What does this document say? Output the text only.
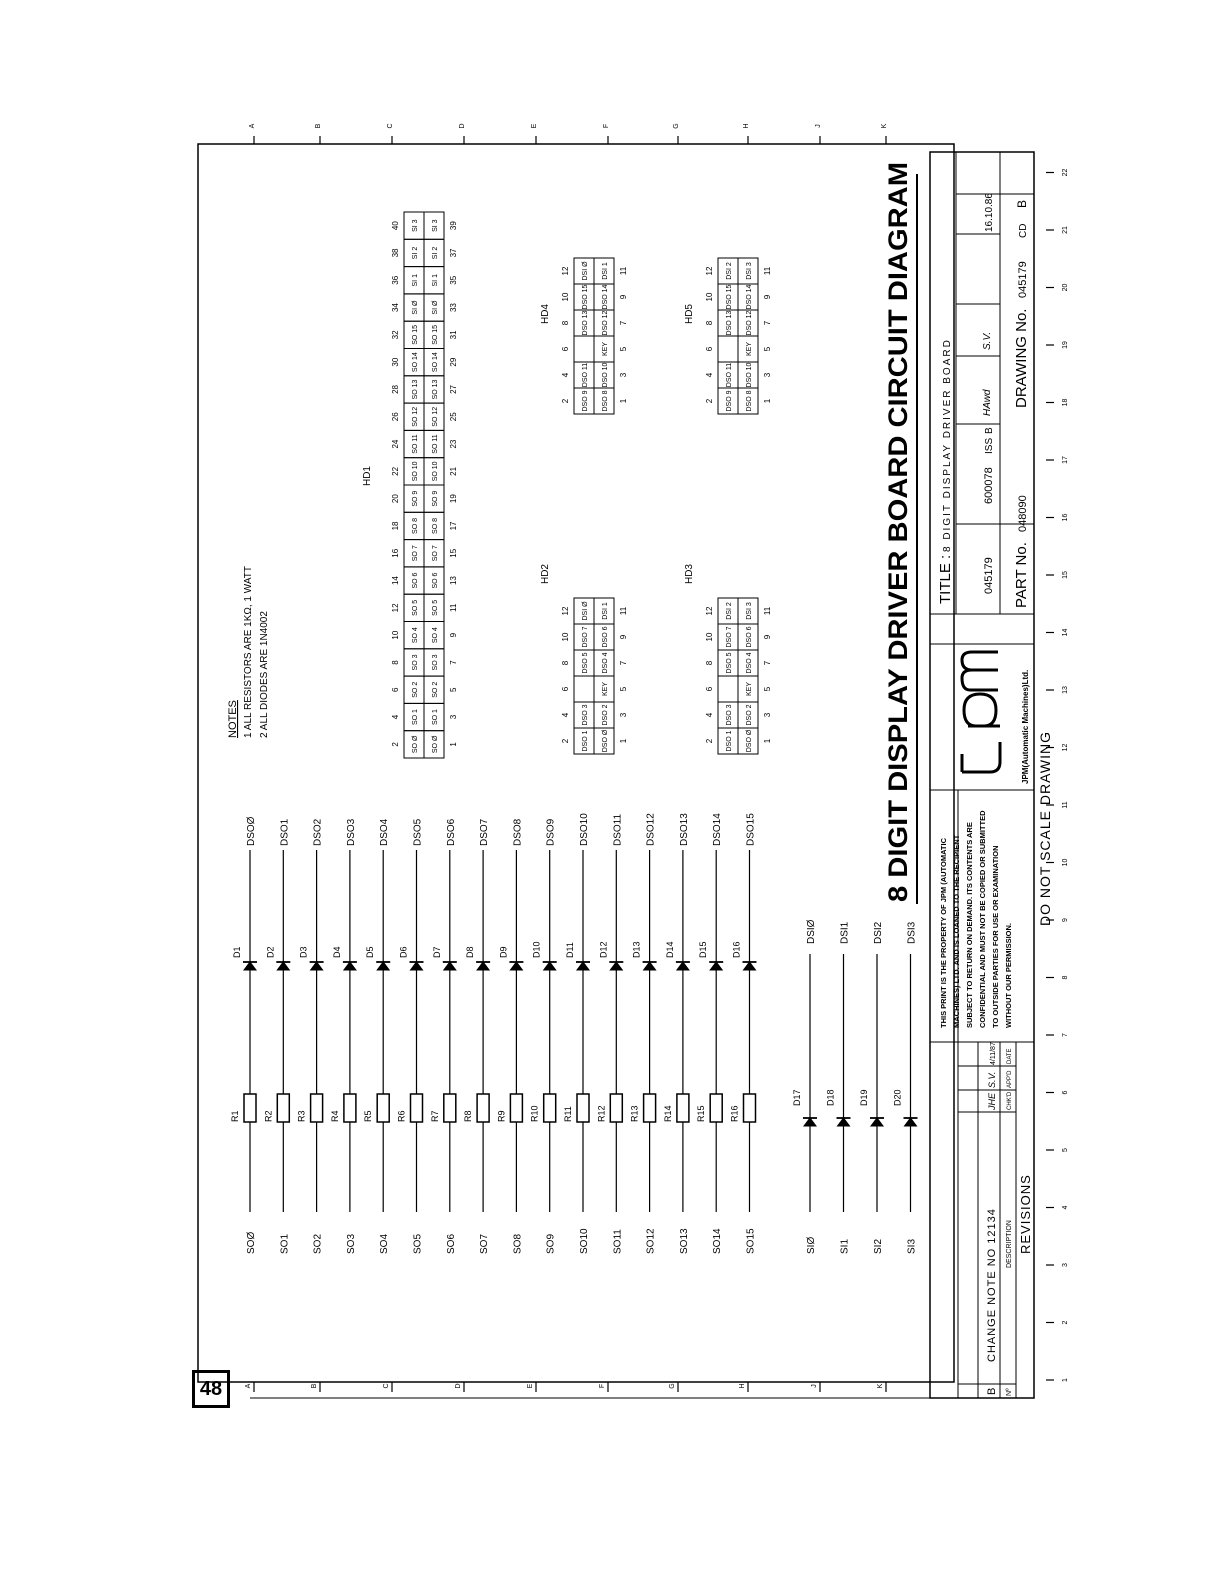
48
A
A
B
B
C
C
D
D
E
E
F
F
G
G
H
H
J
J
K
K
1
2
3
4
5
6
7
8
9
10
11
12
13
14
15
16
17
18
19
20
21
22
SOØ
R1
D1
DSOØ
SO1
R2
D2
DSO1
SO2
R3
D3
DSO2
SO3
R4
D4
DSO3
SO4
R5
D5
DSO4
SO5
R6
D6
DSO5
SO6
R7
D7
DSO6
SO7
R8
D8
DSO7
SO8
R9
D9
DSO8
SO9
R10
D10
DSO9
SO10
R11
D11
DSO10
SO11
R12
D12
DSO11
SO12
R13
D13
DSO12
SO13
R14
D14
DSO13
SO14
R15
D15
DSO14
SO15
R16
D16
DSO15
SIØ
D17
DSIØ
SI1
D18
DSI1
SI2
D19
DSI2
SI3
D20
DSI3
NOTES 1 ALL RESISTORS ARE 1KΩ, 1 WATT 2 ALL DIODES ARE 1N4002
2
4
6
8
10
12
14
16
18
20
22
24
26
28
30
32
34
36
38
40
SO Ø
SO 1
SO 2
SO 3
SO 4
SO 5
SO 6
SO 7
SO 8
SO 9
SO 10
SO 11
SO 12
SO 13
SO 14
SO 15
SI Ø
SI 1
SI 2
SI 3
SO Ø
SO 1
SO 2
SO 3
SO 4
SO 5
SO 6
SO 7
SO 8
SO 9
SO 10
SO 11
SO 12
SO 13
SO 14
SO 15
SI Ø
SI 1
SI 2
SI 3
1
3
5
7
9
11
13
15
17
19
21
23
25
27
29
31
33
35
37
39
HD1
2
4
6
8
10
12
DSO 1
DSO 3
DSO 5
DSO 7
DSI Ø
DSO Ø
DSO 2
KEY
DSO 4
DSO 6
DSI 1
1
3
5
7
9
11
HD2
2
4
6
8
10
12
DSO 1
DSO 3
DSO 5
DSO 7
DSI 2
DSO Ø
DSO 2
KEY
DSO 4
DSO 6
DSI 3
1
3
5
7
9
11
HD3
2
4
6
8
10
12
DSO 9
DSO 11
DSO 13
DSO 15
DSI Ø
DSO 8
DSO 10
KEY
DSO 12
DSO 14
DSI 1
1
3
5
7
9
11
HD4
2
4
6
8
10
12
DSO 9
DSO 11
DSO 13
DSO 15
DSI 2
DSO 8
DSO 10
KEY
DSO 12
DSO 14
DSI 3
1
3
5
7
9
11
HD5	8 DIGIT DISPLAY DRIVER BOARD CIRCUIT DIAGRAM TITLE :
8 DIGIT DISPLAY DRIVER BOARD
045179
600078
ISS
B
HAwd
S.V.
16.10.86
PART No.
048090
DRAWING No.
045179
CD
B
JPM(Automatic Machines)Ltd.
THIS PRINT IS THE PROPERTY OF JPM (AUTOMATIC MACHINES) LTD. AND IS LOANED TO THE RECIPIENT SUBJECT TO RETURN ON DEMAND. ITS CONTENTS ARE CONFIDENTIAL AND MUST NOT BE COPIED OR SUBMITTED TO OUTSIDE PARTIES FOR USE OR EXAMINATION WITHOUT OUR PERMISSION.
DO NOT SCALE DRAWING
B
CHANGE NOTE NO 12134
JHE
S.V.
4/11/87
Nº
DESCRIPTION
CHK'D
APP'D
DATE
REVISIONS
